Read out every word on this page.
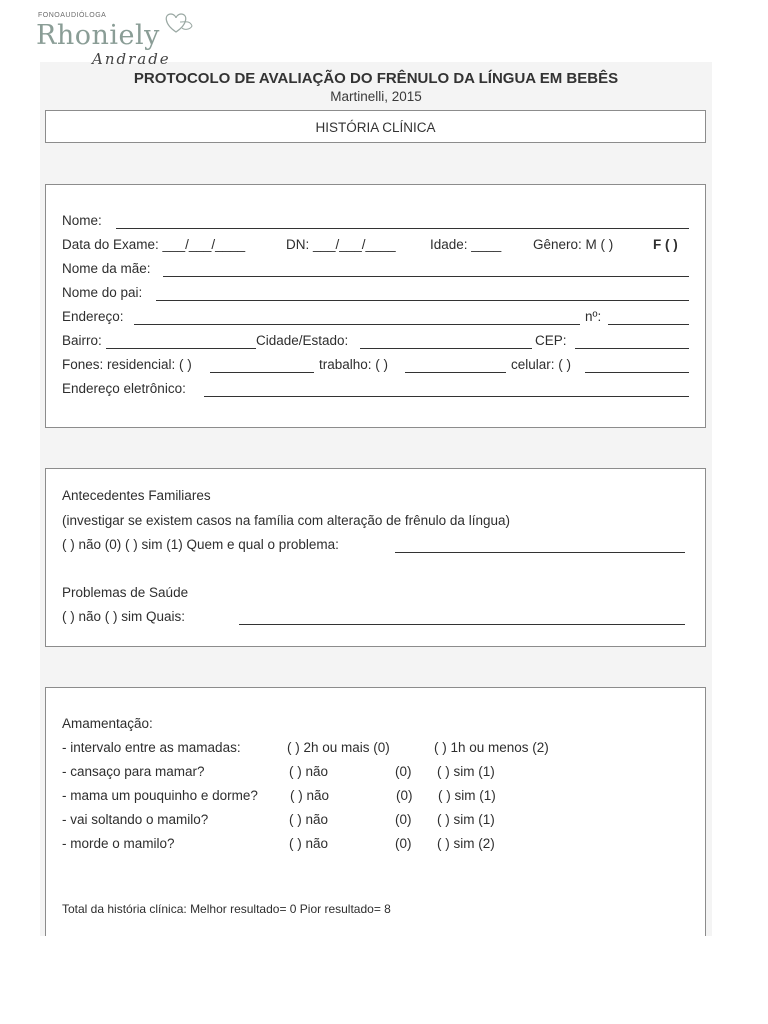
FONOAUDIÓLOGA
Rhoniely
Andrade
PROTOCOLO DE AVALIAÇÃO DO FRÊNULO DA LÍNGUA EM BEBÊS
Martinelli, 2015
HISTÓRIA CLÍNICA
Nome:
Data do Exame: ___/___/____	DN: ___/___/____	Idade: ____ Gênero: M ( )	F ( )
Nome da mãe:
Nome do pai:
Endereço:	nº:
Bairro:	Cidade/Estado:	CEP:
Fones: residencial: ( )	trabalho: ( )	celular: ( )
Endereço eletrônico:
Antecedentes Familiares
(investigar se existem casos na família com alteração de frênulo da língua)
( ) não (0) ( ) sim (1) Quem e qual o problema:
Problemas de Saúde
( ) não ( ) sim Quais:
Amamentação:
- intervalo entre as mamadas:	( ) 2h ou mais (0)	( ) 1h ou menos (2)
- cansaço para mamar?	( ) não	(0) ( ) sim (1)
- mama um pouquinho e dorme? ( ) não	(0) ( ) sim (1)
- vai soltando o mamilo?	( ) não	(0) ( ) sim (1)
- morde o mamilo?	( ) não	(0) ( ) sim (2)
Total da história clínica: Melhor resultado= 0 Pior resultado= 8
